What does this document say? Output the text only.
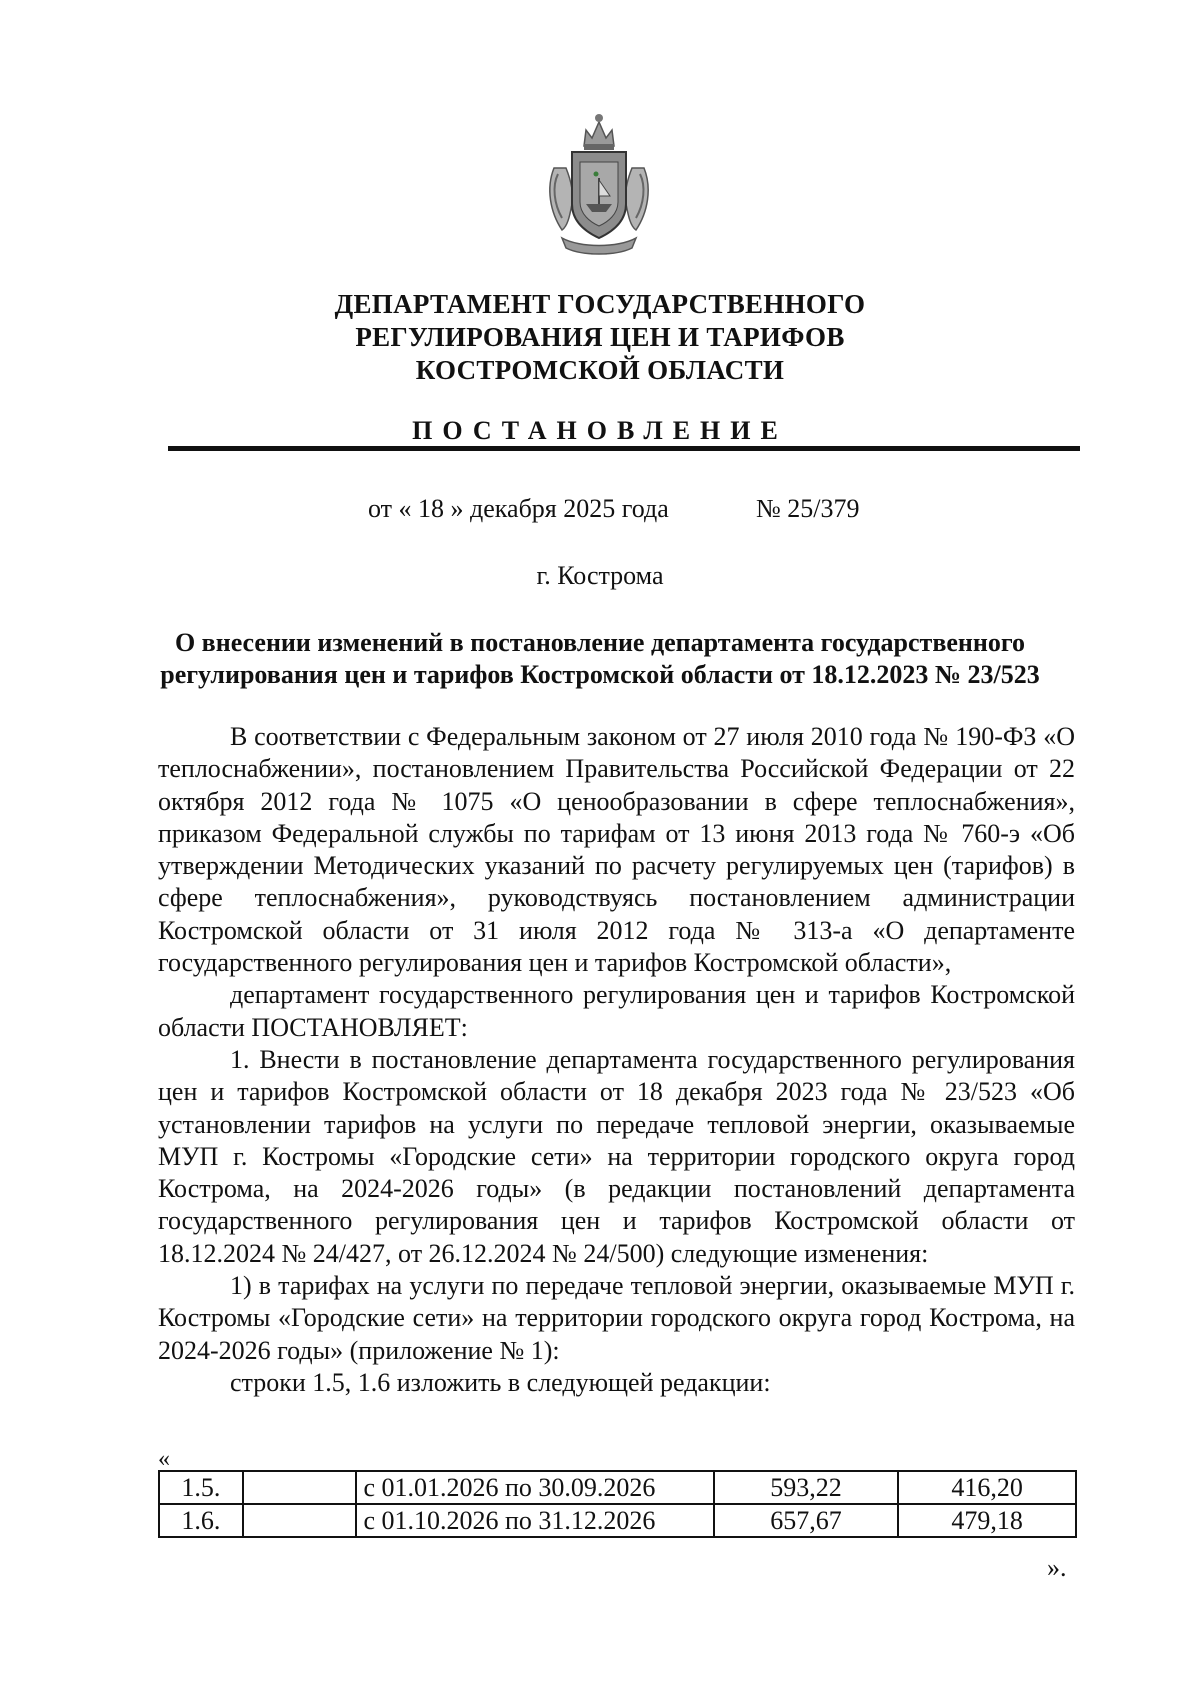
ДЕПАРТАМЕНТ ГОСУДАРСТВЕННОГО
РЕГУЛИРОВАНИЯ ЦЕН И ТАРИФОВ
КОСТРОМСКОЙ ОБЛАСТИ
ПОСТАНОВЛЕНИЕ
от « 18 » декабря 2025 года	№ 25/379
г. Кострома
О внесении изменений в постановление департамента государственного
регулирования цен и тарифов Костромской области от 18.12.2023 № 23/523

В соответствии с Федеральным законом от 27 июля 2010 года № 190-ФЗ «О теплоснабжении», постановлением Правительства Российской Федерации от 22 октября 2012 года № 1075 «О ценообразовании в сфере теплоснабжения», приказом Федеральной службы по тарифам от 13 июня 2013 года № 760-э «Об утверждении Методических указаний по расчету регулируемых цен (тарифов) в сфере теплоснабжения», руководствуясь постановлением администрации Костромской области от 31 июля 2012 года № 313-а «О департаменте государственного регулирования цен и тарифов Костромской области»,

департамент государственного регулирования цен и тарифов Костромской области ПОСТАНОВЛЯЕТ:

1. Внести в постановление департамента государственного регулирования цен и тарифов Костромской области от 18 декабря 2023 года № 23/523 «Об установлении тарифов на услуги по передаче тепловой энергии, оказываемые МУП г. Костромы «Городские сети» на территории городского округа город Кострома, на 2024-2026 годы» (в редакции постановлений департамента государственного регулирования цен и тарифов Костромской области от 18.12.2024 № 24/427, от 26.12.2024 № 24/500) следующие изменения:

1) в тарифах на услуги по передаче тепловой энергии, оказываемые МУП г. Костромы «Городские сети» на территории городского округа город Кострома, на 2024-2026 годы» (приложение № 1):

строки 1.5, 1.6 изложить в следующей редакции:

«
1.5.		с 01.01.2026 по 30.09.2026	593,22	416,20
1.6.		с 01.10.2026 по 31.12.2026	657,67	479,18
».
